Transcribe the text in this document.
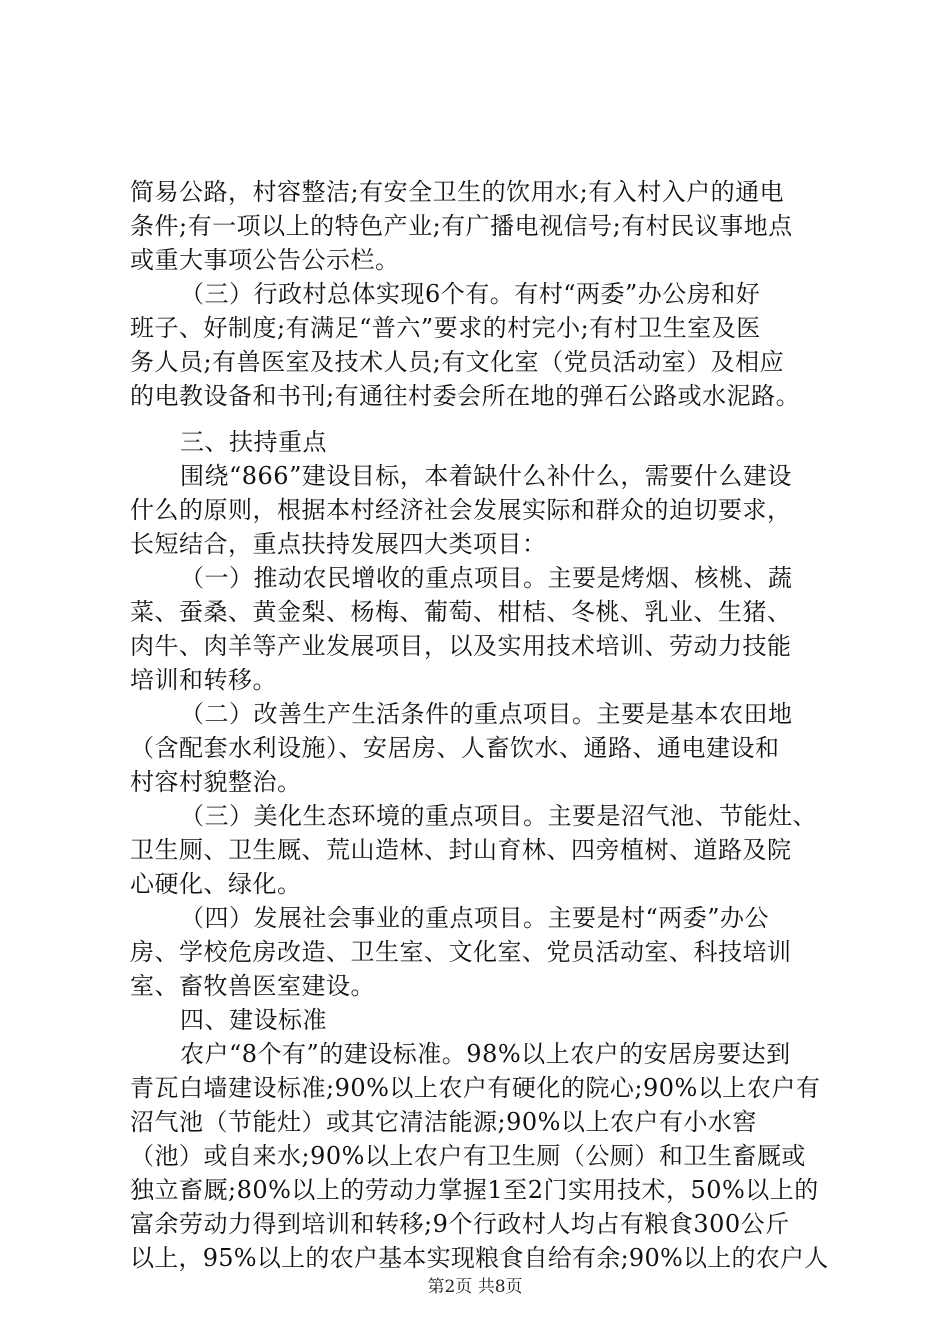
简易公路，村容整洁;有安全卫生的饮用水;有入村入户的通电
条件;有一项以上的特色产业;有广播电视信号;有村民议事地点
或重大事项公告公示栏。
（三）行政村总体实现6个有。有村“两委”办公房和好
班子、好制度;有满足“普六”要求的村完小;有村卫生室及医
务人员;有兽医室及技术人员;有文化室（党员活动室）及相应
的电教设备和书刊;有通往村委会所在地的弹石公路或水泥路。
三、扶持重点
围绕“866”建设目标，本着缺什么补什么，需要什么建设
什么的原则，根据本村经济社会发展实际和群众的迫切要求，
长短结合，重点扶持发展四大类项目：
（一）推动农民增收的重点项目。主要是烤烟、核桃、蔬
菜、蚕桑、黄金梨、杨梅、葡萄、柑桔、冬桃、乳业、生猪、
肉牛、肉羊等产业发展项目，以及实用技术培训、劳动力技能
培训和转移。
（二）改善生产生活条件的重点项目。主要是基本农田地
（含配套水利设施）、安居房、人畜饮水、通路、通电建设和
村容村貌整治。
（三）美化生态环境的重点项目。主要是沼气池、节能灶、
卫生厕、卫生厩、荒山造林、封山育林、四旁植树、道路及院
心硬化、绿化。
（四）发展社会事业的重点项目。主要是村“两委”办公
房、学校危房改造、卫生室、文化室、党员活动室、科技培训
室、畜牧兽医室建设。
四、建设标准
农户“8个有”的建设标准。98%以上农户的安居房要达到
青瓦白墙建设标准;90%以上农户有硬化的院心;90%以上农户有
沼气池（节能灶）或其它清洁能源;90%以上农户有小水窖
（池）或自来水;90%以上农户有卫生厕（公厕）和卫生畜厩或
独立畜厩;80%以上的劳动力掌握1至2门实用技术，50%以上的
富余劳动力得到培训和转移;9个行政村人均占有粮食300公斤
以上，95%以上的农户基本实现粮食自给有余;90%以上的农户人
第2页 共8页
